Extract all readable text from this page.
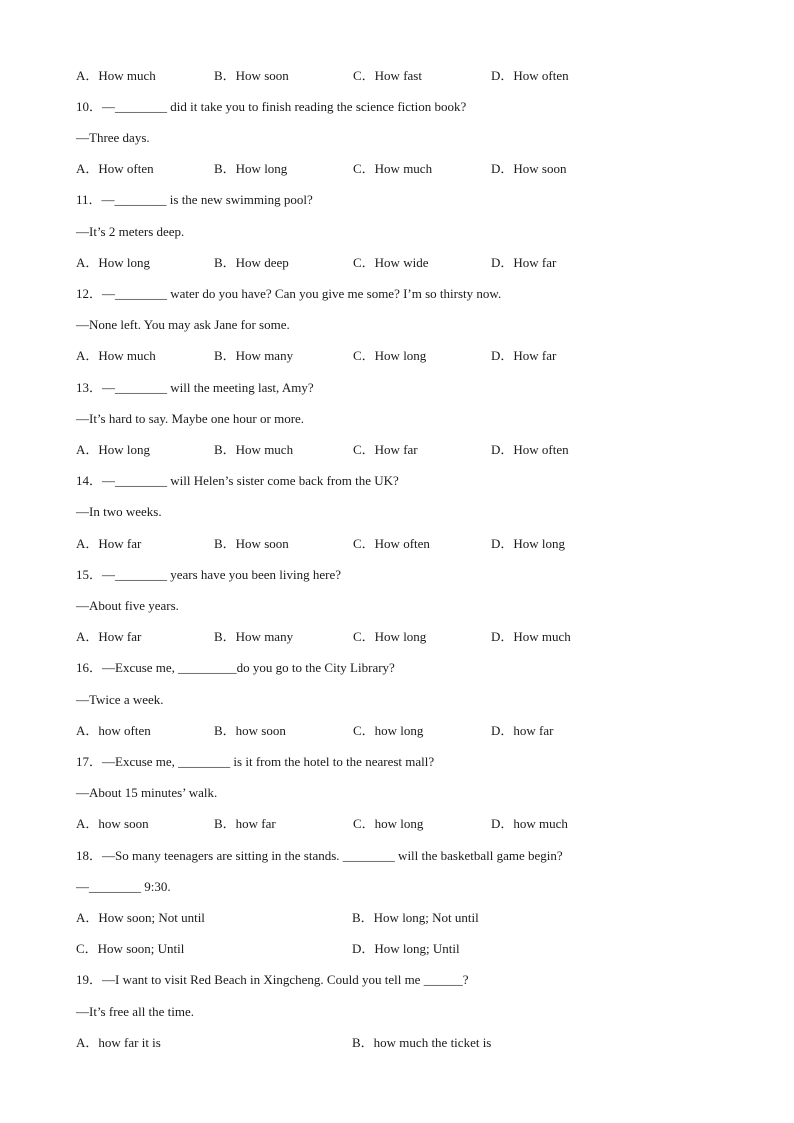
A．How much	B．How soon	C．How fast	D．How often
10．—________ did it take you to finish reading the science fiction book?
—Three days.
A．How often	B．How long	C．How much	D．How soon
11．—________ is the new swimming pool?
—It’s 2 meters deep.
A．How long	B．How deep	C．How wide	D．How far
12．—________ water do you have? Can you give me some? I’m so thirsty now.
—None left. You may ask Jane for some.
A．How much	B．How many	C．How long	D．How far
13．—________ will the meeting last, Amy?
—It’s hard to say. Maybe one hour or more.
A．How long	B．How much	C．How far	D．How often
14．—________ will Helen’s sister come back from the UK?
—In two weeks.
A．How far	B．How soon	C．How often	D．How long
15．—________ years have you been living here?
—About five years.
A．How far	B．How many	C．How long	D．How much
16．—Excuse me, _________do you go to the City Library?
—Twice a week.
A．how often	B．how soon	C．how long	D．how far
17．—Excuse me, ________ is it from the hotel to the nearest mall?
—About 15 minutes’ walk.
A．how soon	B．how far	C．how long	D．how much
18．—So many teenagers are sitting in the stands. ________ will the basketball game begin?
—________ 9:30.
A．How soon; Not until	B．How long; Not until
C．How soon; Until	D．How long; Until
19．—I want to visit Red Beach in Xingcheng. Could you tell me ______?
—It’s free all the time.
A．how far it is	B．how much the ticket is
